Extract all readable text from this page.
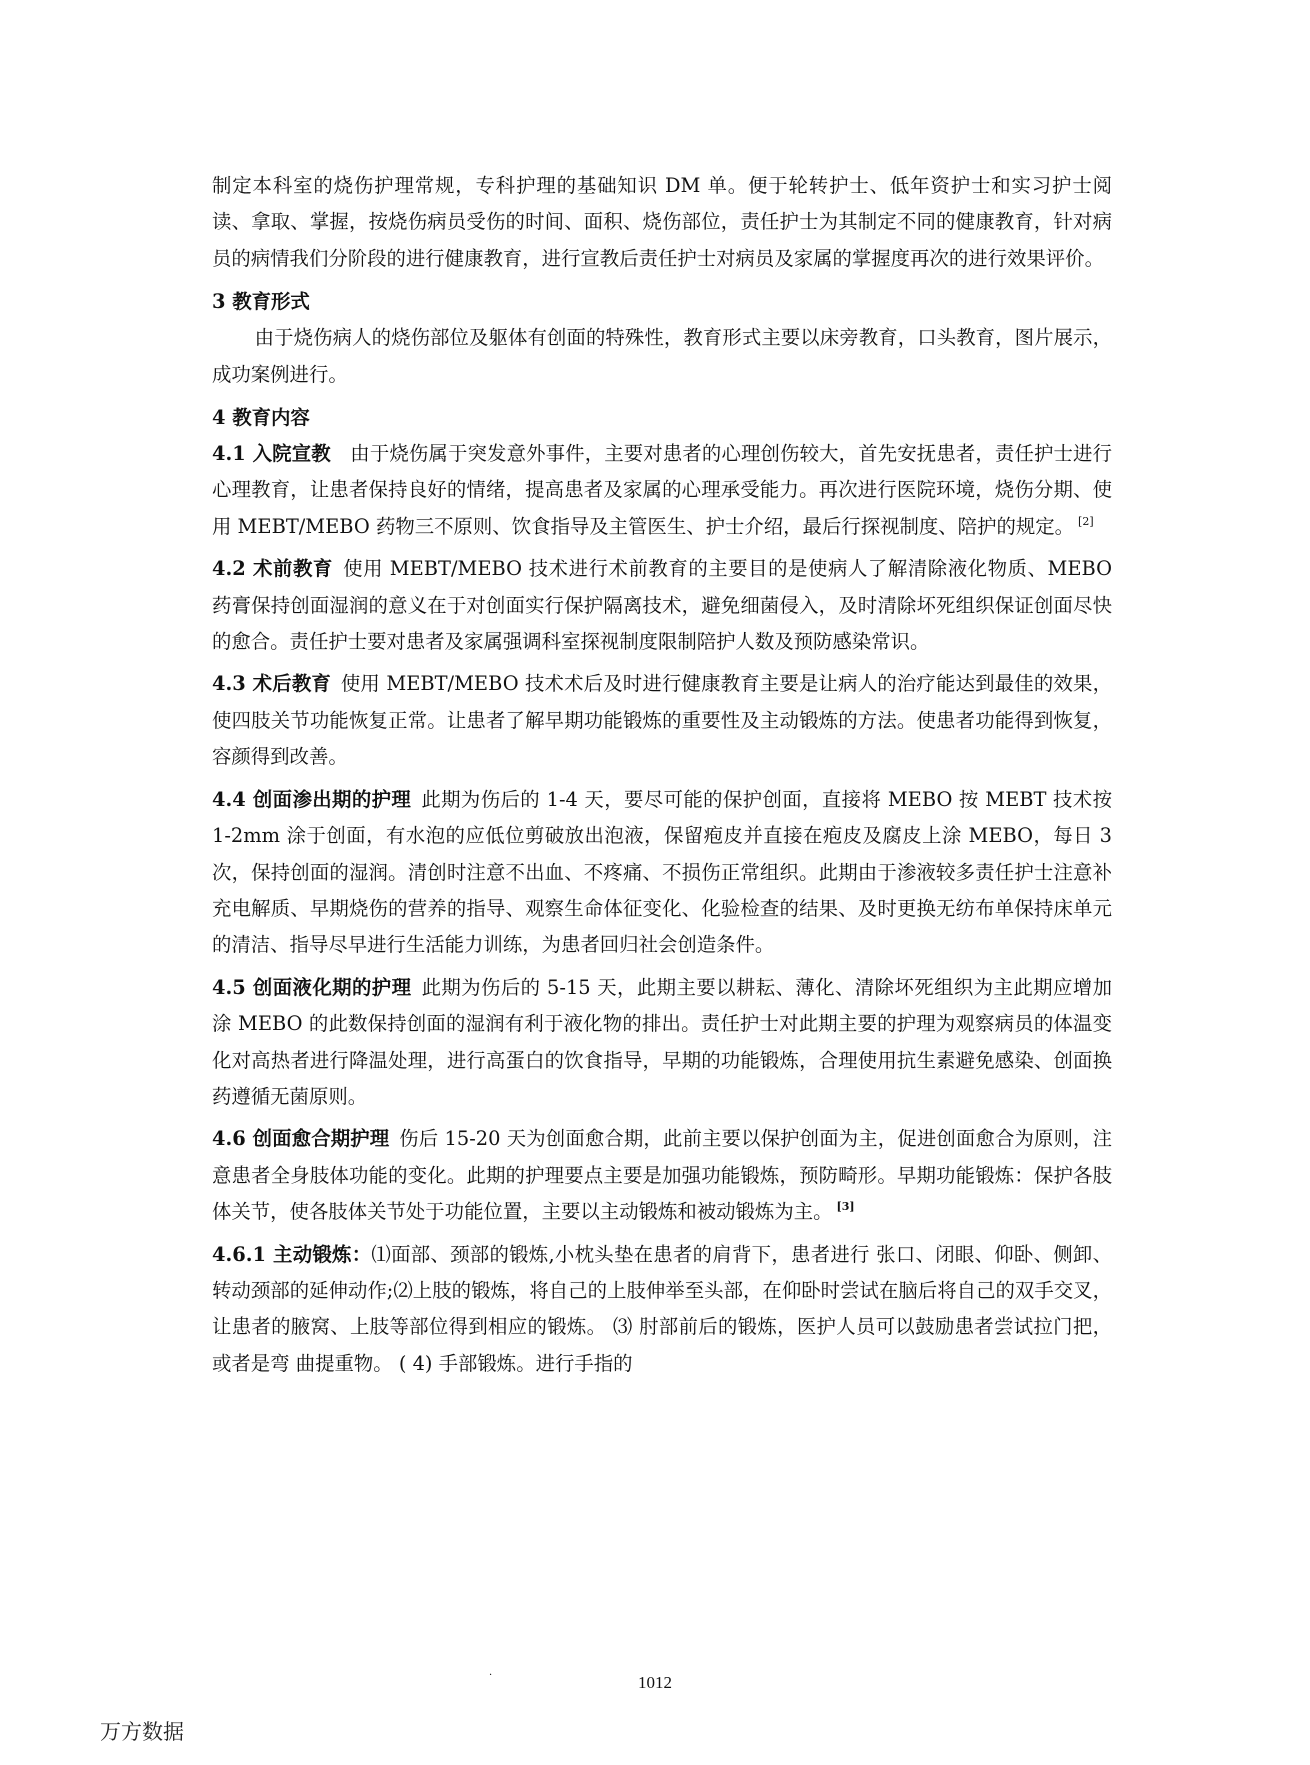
制定本科室的烧伤护理常规，专科护理的基础知识 DM 单。便于轮转护士、低年资护士和实习护士阅读、拿取、掌握，按烧伤病员受伤的时间、面积、烧伤部位，责任护士为其制定不同的健康教育，针对病员的病情我们分阶段的进行健康教育，进行宣教后责任护士对病员及家属的掌握度再次的进行效果评价。

3 教育形式

由于烧伤病人的烧伤部位及躯体有创面的特殊性，教育形式主要以床旁教育，口头教育，图片展示，成功案例进行。

4 教育内容

4.1 入院宣教  由于烧伤属于突发意外事件，主要对患者的心理创伤较大，首先安抚患者，责任护士进行心理教育，让患者保持良好的情绪，提高患者及家属的心理承受能力。再次进行医院环境，烧伤分期、使用 MEBT/MEBO 药物三不原则、饮食指导及主管医生、护士介绍，最后行探视制度、陪护的规定。 [2]

4.2 术前教育  使用 MEBT/MEBO 技术进行术前教育的主要目的是使病人了解清除液化物质、MEBO 药膏保持创面湿润的意义在于对创面实行保护隔离技术，避免细菌侵入，及时清除坏死组织保证创面尽快的愈合。责任护士要对患者及家属强调科室探视制度限制陪护人数及预防感染常识。

4.3 术后教育  使用 MEBT/MEBO 技术术后及时进行健康教育主要是让病人的治疗能达到最佳的效果，使四肢关节功能恢复正常。让患者了解早期功能锻炼的重要性及主动锻炼的方法。使患者功能得到恢复，容颜得到改善。

4.4 创面渗出期的护理  此期为伤后的 1-4 天，要尽可能的保护创面，直接将 MEBO 按 MEBT 技术按 1-2mm 涂于创面，有水泡的应低位剪破放出泡液，保留疱皮并直接在疱皮及腐皮上涂 MEBO，每日 3 次，保持创面的湿润。清创时注意不出血、不疼痛、不损伤正常组织。此期由于渗液较多责任护士注意补充电解质、早期烧伤的营养的指导、观察生命体征变化、化验检查的结果、及时更换无纺布单保持床单元的清洁、指导尽早进行生活能力训练，为患者回归社会创造条件。

4.5 创面液化期的护理  此期为伤后的 5-15 天，此期主要以耕耘、薄化、清除坏死组织为主此期应增加涂 MEBO 的此数保持创面的湿润有利于液化物的排出。责任护士对此期主要的护理为观察病员的体温变化对高热者进行降温处理，进行高蛋白的饮食指导，早期的功能锻炼，合理使用抗生素避免感染、创面换药遵循无菌原则。

4.6 创面愈合期护理  伤后 15-20 天为创面愈合期，此前主要以保护创面为主，促进创面愈合为原则，注意患者全身肢体功能的变化。此期的护理要点主要是加强功能锻炼，预防畸形。早期功能锻炼：保护各肢体关节，使各肢体关节处于功能位置，主要以主动锻炼和被动锻炼为主。 [3]

4.6.1 主动锻炼：⑴面部、颈部的锻炼,小枕头垫在患者的肩背下，患者进行 张口、闭眼、仰卧、侧卸、转动颈部的延伸动作;⑵上肢的锻炼，将自己的上肢伸举至头部，在仰卧时尝试在脑后将自己的双手交叉，让患者的腋窝、上肢等部位得到相应的锻炼。 ⑶ 肘部前后的锻炼，医护人员可以鼓励患者尝试拉门把，或者是弯 曲提重物。 ( 4) 手部锻炼。进行手指的

·	1012
万方数据
